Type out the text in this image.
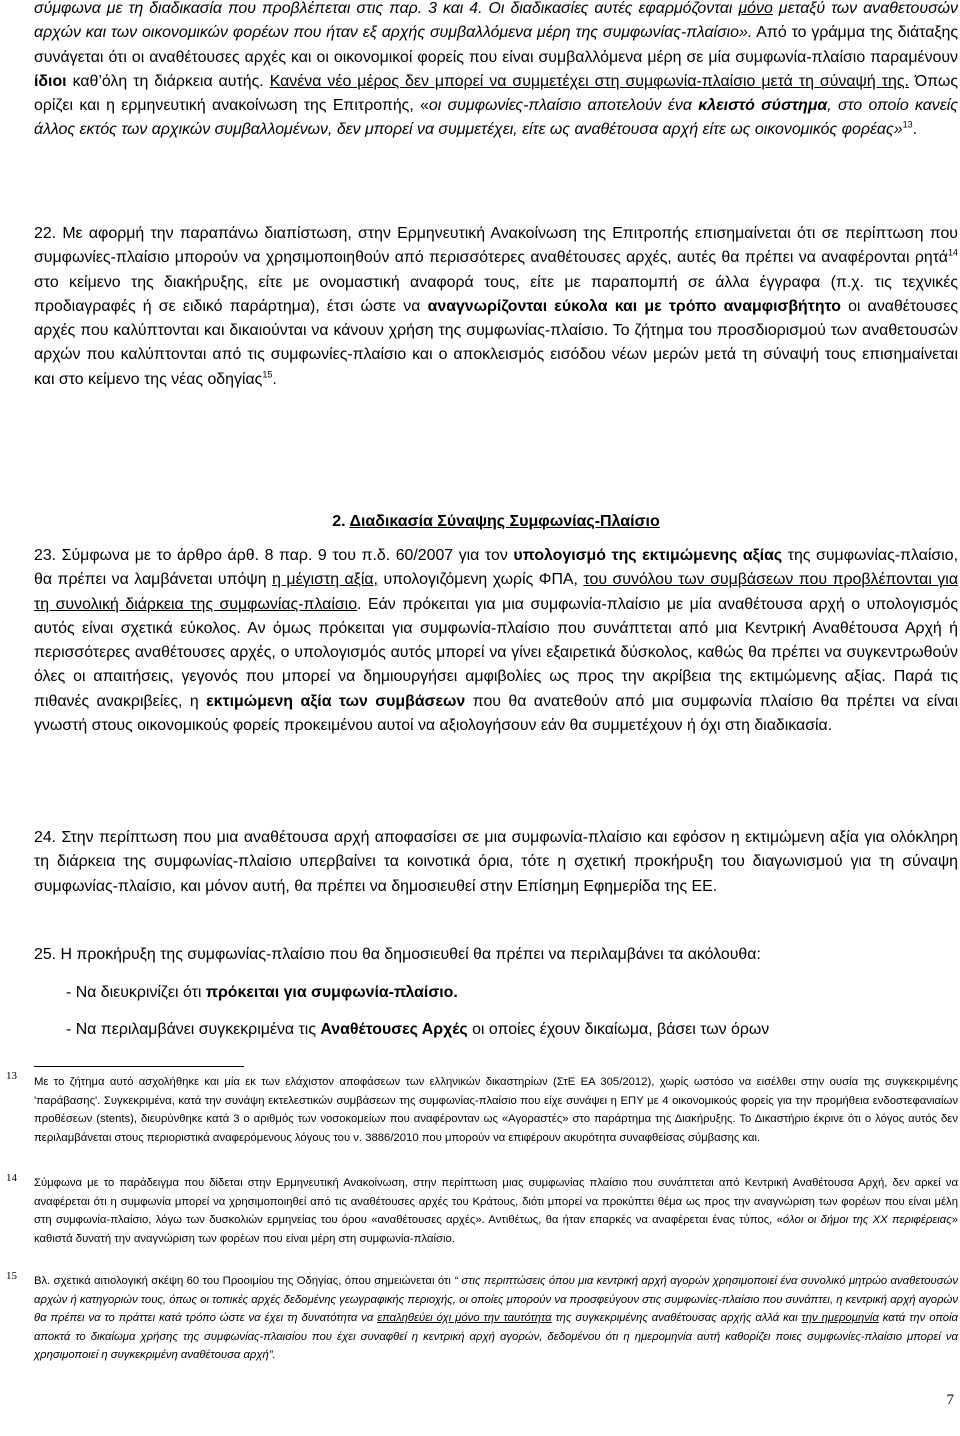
σύμφωνα με τη διαδικασία που προβλέπεται στις παρ. 3 και 4. Οι διαδικασίες αυτές εφαρμόζονται μόνο μεταξύ των αναθετουσών αρχών και των οικονομικών φορέων που ήταν εξ αρχής συμβαλλόμενα μέρη της συμφωνίας-πλαίσιο». Από το γράμμα της διάταξης συνάγεται ότι οι αναθέτουσες αρχές και οι οικονομικοί φορείς που είναι συμβαλλόμενα μέρη σε μία συμφωνία-πλαίσιο παραμένουν ίδιοι καθ’όλη τη διάρκεια αυτής. Κανένα νέο μέρος δεν μπορεί να συμμετέχει στη συμφωνία-πλαίσιο μετά τη σύναψή της. Όπως ορίζει και η ερμηνευτική ανακοίνωση της Επιτροπής, «οι συμφωνίες-πλαίσιο αποτελούν ένα κλειστό σύστημα, στο οποίο κανείς άλλος εκτός των αρχικών συμβαλλομένων, δεν μπορεί να συμμετέχει, είτε ως αναθέτουσα αρχή είτε ως οικονομικός φορέας»$^{13}$.

22. Με αφορμή την παραπάνω διαπίστωση, στην Ερμηνευτική Ανακοίνωση της Επιτροπής επισημαίνεται ότι σε περίπτωση που συμφωνίες-πλαίσιο μπορούν να χρησιμοποιηθούν από περισσότερες αναθέτουσες αρχές, αυτές θα πρέπει να αναφέρονται ρητά$^{14}$ στο κείμενο της διακήρυξης, είτε με ονομαστική αναφορά τους, είτε με παραπομπή σε άλλα έγγραφα (π.χ. τις τεχνικές προδιαγραφές ή σε ειδικό παράρτημα), έτσι ώστε να αναγνωρίζονται εύκολα και με τρόπο αναμφισβήτητο οι αναθέτουσες αρχές που καλύπτονται και δικαιούνται να κάνουν χρήση της συμφωνίας-πλαίσιο. Το ζήτημα του προσδιορισμού των αναθετουσών αρχών που καλύπτονται από τις συμφωνίες-πλαίσιο και ο αποκλεισμός εισόδου νέων μερών μετά τη σύναψή τους επισημαίνεται και στο κείμενο της νέας οδηγίας$^{15}$.

2. Διαδικασία Σύναψης Συμφωνίας-Πλαίσιο

23. Σύμφωνα με το άρθρο άρθ. 8 παρ. 9 του π.δ. 60/2007 για τον υπολογισμό της εκτιμώμενης αξίας της συμφωνίας-πλαίσιο, θα πρέπει να λαμβάνεται υπόψη η μέγιστη αξία, υπολογιζόμενη χωρίς ΦΠΑ, του συνόλου των συμβάσεων που προβλέπονται για τη συνολική διάρκεια της συμφωνίας-πλαίσιο. Εάν πρόκειται για μια συμφωνία-πλαίσιο με μία αναθέτουσα αρχή ο υπολογισμός αυτός είναι σχετικά εύκολος. Αν όμως πρόκειται για συμφωνία-πλαίσιο που συνάπτεται από μια Κεντρική Αναθέτουσα Αρχή ή περισσότερες αναθέτουσες αρχές, ο υπολογισμός αυτός μπορεί να γίνει εξαιρετικά δύσκολος, καθώς θα πρέπει να συγκεντρωθούν όλες οι απαιτήσεις, γεγονός που μπορεί να δημιουργήσει αμφιβολίες ως προς την ακρίβεια της εκτιμώμενης αξίας. Παρά τις πιθανές ανακριβείες, η εκτιμώμενη αξία των συμβάσεων που θα ανατεθούν από μια συμφωνία πλαίσιο θα πρέπει να είναι γνωστή στους οικονομικούς φορείς προκειμένου αυτοί να αξιολογήσουν εάν θα συμμετέχουν ή όχι στη διαδικασία.

24. Στην περίπτωση που μια αναθέτουσα αρχή αποφασίσει σε μια συμφωνία-πλαίσιο και εφόσον η εκτιμώμενη αξία για ολόκληρη τη διάρκεια της συμφωνίας-πλαίσιο υπερβαίνει τα κοινοτικά όρια, τότε η σχετική προκήρυξη του διαγωνισμού για τη σύναψη συμφωνίας-πλαίσιο, και μόνον αυτή, θα πρέπει να δημοσιευθεί στην Επίσημη Εφημερίδα της ΕΕ.

25. Η προκήρυξη της συμφωνίας-πλαίσιο που θα δημοσιευθεί θα πρέπει να περιλαμβάνει τα ακόλουθα:

- Να διευκρινίζει ότι πρόκειται για συμφωνία-πλαίσιο.

- Να περιλαμβάνει συγκεκριμένα τις Αναθέτουσες Αρχές οι οποίες έχουν δικαίωμα, βάσει των όρων

13 Με το ζήτημα αυτό ασχολήθηκε και μία εκ των ελάχιστον αποφάσεων των ελληνικών δικαστηρίων (ΣτΕ ΕΑ 305/2012), χωρίς ωστόσο να εισέλθει στην ουσία της συγκεκριμένης 'παράβασης'. Συγκεκριμένα, κατά την συνάψη εκτελεστικών συμβάσεων της συμφωνίας-πλαίσιο που είχε συνάψει η ΕΠΥ με 4 οικονομικούς φορείς για την προμήθεια ενδοστεφανιαίων προθέσεων (stents), διευρύνθηκε κατά 3 ο αριθμός των νοσοκομείων που αναφέρονταν ως «Αγοραστές» στο παράρτημα της Διακήρυξης. Το Δικαστήριο έκρινε ότι ο λόγος αυτός δεν περιλαμβάνεται στους περιοριστικά αναφερόμενους λόγους του ν. 3886/2010 που μπορούν να επιφέρουν ακυρότητα συναφθείσας σύμβασης και.

14 Σύμφωνα με το παράδειγμα που δίδεται στην Ερμηνευτική Ανακοίνωση, στην περίπτωση μιας συμφωνίας πλαίσιο που συνάπτεται από Κεντρική Αναθέτουσα Αρχή, δεν αρκεί να αναφέρεται ότι η συμφωνία μπορεί να χρησιμοποιηθεί από τις αναθέτουσες αρχές του Κράτους, διότι μπορεί να προκύπτει θέμα ως προς την αναγνώριση των φορέων που είναι μέλη στη συμφωνία-πλαίσιο, λόγω των δυσκολιών ερμηνείας του όρου «αναθέτουσες αρχές». Αντιθέτως, θα ήταν επαρκές να αναφέρεται ένας τύπος, «όλοι οι δήμοι της ΧΧ περιφέρειας» καθιστά δυνατή την αναγνώριση των φορέων που είναι μέρη στη συμφωνία-πλαίσιο.

15 Βλ. σχετικά αιτιολογική σκέψη 60 του Προοιμίου της Οδηγίας, όπου σημειώνεται ότι “ στις περιπτώσεις όπου μια κεντρική αρχή αγορών χρησιμοποιεί ένα συνολικό μητρώο αναθετουσών αρχών ή κατηγοριών τους, όπως οι τοπικές αρχές δεδομένης γεωγραφικής περιοχής, οι οποίες μπορούν να προσφεύγουν στις συμφωνίες-πλαίσιο που συνάπτει, η κεντρική αρχή αγορών θα πρέπει να το πράττει κατά τρόπο ώστε να έχει τη δυνατότητα να επαληθεύει όχι μόνο την ταυτότητα της συγκεκριμένης αναθέτουσας αρχής αλλά και την ημερομηνία κατά την οποία αποκτά το δικαίωμα χρήσης της συμφωνίας-πλαισίου που έχει συναφθεί η κεντρική αρχή αγορών, δεδομένου ότι η ημερομηνία αυτή καθορίζει ποιες συμφωνίες-πλαίσιο μπορεί να χρησιμοποιεί η συγκεκριμένη αναθέτουσα αρχή”.

7
